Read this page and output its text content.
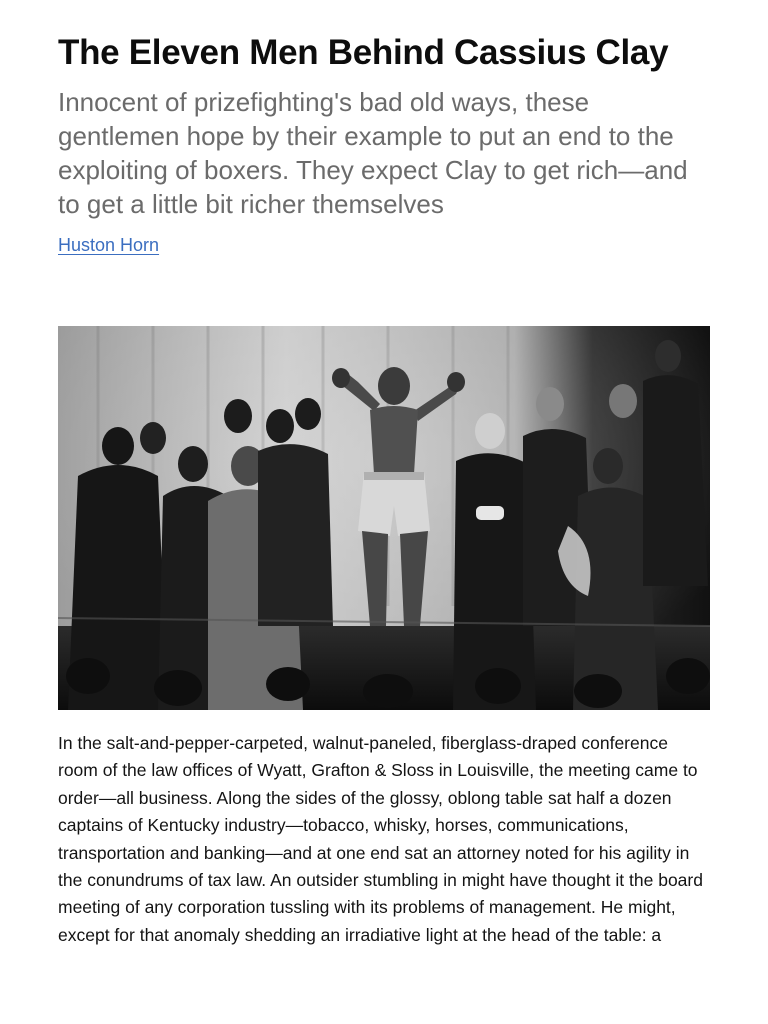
The Eleven Men Behind Cassius Clay

Innocent of prizefighting's bad old ways, these gentlemen hope by their example to put an end to the exploiting of boxers. They expect Clay to get rich—and to get a little bit richer themselves

Huston Horn

In the salt-and-pepper-carpeted, walnut-paneled, fiberglass-draped conference room of the law offices of Wyatt, Grafton & Sloss in Louisville, the meeting came to order—all business. Along the sides of the glossy, oblong table sat half a dozen captains of Kentucky industry—tobacco, whisky, horses, communications, transportation and banking—and at one end sat an attorney noted for his agility in the conundrums of tax law. An outsider stumbling in might have thought it the board meeting of any corporation tussling with its problems of management. He might, except for that anomaly shedding an irradiative light at the head of the table: a
